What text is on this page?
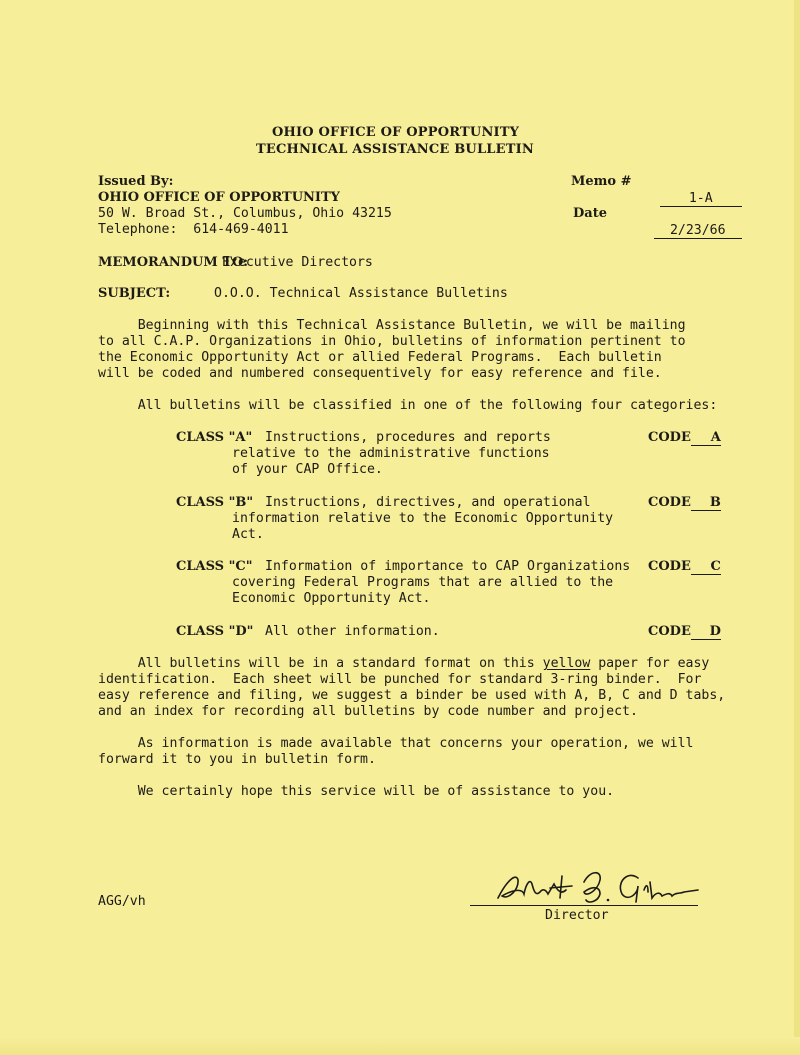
OHIO OFFICE OF OPPORTUNITY
TECHNICAL ASSISTANCE BULLETIN
Issued By:
OHIO OFFICE OF OPPORTUNITY
50 W. Broad St., Columbus, Ohio 43215
Telephone:  614-469-4011
Memo #

1-A

Date

2/23/66

MEMORANDUM TO:
Executive Directors
SUBJECT:	O.O.O. Technical Assistance Bulletins
Beginning with this Technical Assistance Bulletin, we will be mailing
to all C.A.P. Organizations in Ohio, bulletins of information pertinent to
the Economic Opportunity Act or allied Federal Programs.  Each bulletin
will be coded and numbered consequentively for easy reference and file.
All bulletins will be classified in one of the following four categories:
CLASS "A" Instructions, procedures and reports
relative to the administrative functions
of your CAP Office.
CODE A
CLASS "B" Instructions, directives, and operational
information relative to the Economic Opportunity
Act.
CODE B
CLASS "C" Information of importance to CAP Organizations
covering Federal Programs that are allied to the
Economic Opportunity Act.
CODE C
CLASS "D" All other information.	CODE D
All bulletins will be in a standard format on this yellow paper for easy
identification.  Each sheet will be punched for standard 3-ring binder.  For
easy reference and filing, we suggest a binder be used with A, B, C and D tabs,
and an index for recording all bulletins by code number and project.
As information is made available that concerns your operation, we will
forward it to you in bulletin form.
We certainly hope this service will be of assistance to you.
AGG/vh
Director
